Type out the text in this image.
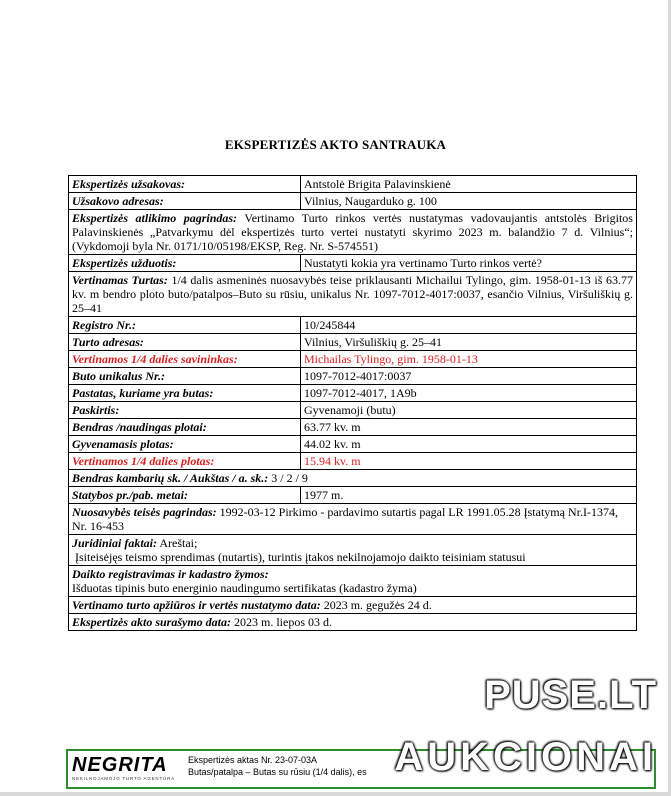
EKSPERTIZĖS AKTO SANTRAUKA
Ekspertizės užsakovas:	Antstolė Brigita Palavinskienė
Užsakovo adresas:	Vilnius, Naugarduko g. 100
Ekspertizės atlikimo pagrindas: Vertinamo Turto rinkos vertės nustatymas vadovaujantis antstolės Brigitos Palavinskienės „Patvarkymu dėl ekspertizės turto vertei nustatyti skyrimo 2023 m. balandžio 7 d. Vilnius“; (Vykdomoji byla Nr. 0171/10/05198/EKSP, Reg. Nr. S-574551)	
Ekspertizės užduotis:	Nustatyti kokia yra vertinamo Turto rinkos vertė?
Vertinamas Turtas: 1/4 dalis asmeninės nuosavybės teise priklausanti Michailui Tylingo, gim. 1958-01-13 iš 63.77 kv. m bendro ploto buto/patalpos–Buto su rūsiu, unikalus Nr. 1097-7012-4017:0037, esančio Vilnius, Viršuliškių g. 25–41	
Registro Nr.:	10/245844
Turto adresas:	Vilnius, Viršuliškių g. 25–41
Vertinamos 1/4 dalies savininkas:	Michailas Tylingo, gim. 1958-01-13
Buto unikalus Nr.:	1097-7012-4017:0037
Pastatas, kuriame yra butas:	1097-7012-4017, 1A9b
Paskirtis:	Gyvenamoji (butu)
Bendras /naudingas plotai:	63.77 kv. m
Gyvenamasis plotas:	44.02 kv. m
Vertinamos 1/4 dalies plotas:	15.94 kv. m
Bendras kambarių sk. / Aukštas / a. sk.: 3 / 2 / 9	
Statybos pr./pab. metai:	1977 m.
Nuosavybės teisės pagrindas: 1992-03-12 Pirkimo - pardavimo sutartis pagal LR 1991.05.28 Įstatymą Nr.I-1374, Nr. 16-453	
Juridiniai faktai: Areštai;
Įsiteisėjęs teismo sprendimas (nutartis), turintis įtakos nekilnojamojo daikto teisiniam statusui	
Daikto registravimas ir kadastro žymos:
Išduotas tipinis buto energinio naudingumo sertifikatas (kadastro žyma)	
Vertinamo turto apžiūros ir vertės nustatymo data: 2023 m. gegužės 24 d.	
Ekspertizės akto surašymo data: 2023 m. liepos 03 d.	
NEGRITA
NEKILNOJAMOJO TURTO AGENTŪRA
Ekspertizės aktas Nr. 23-07-03A
Butas/patalpa – Butas su rūsiu (1/4 dalis), es
PUSE.LT
AUKCIONAI
